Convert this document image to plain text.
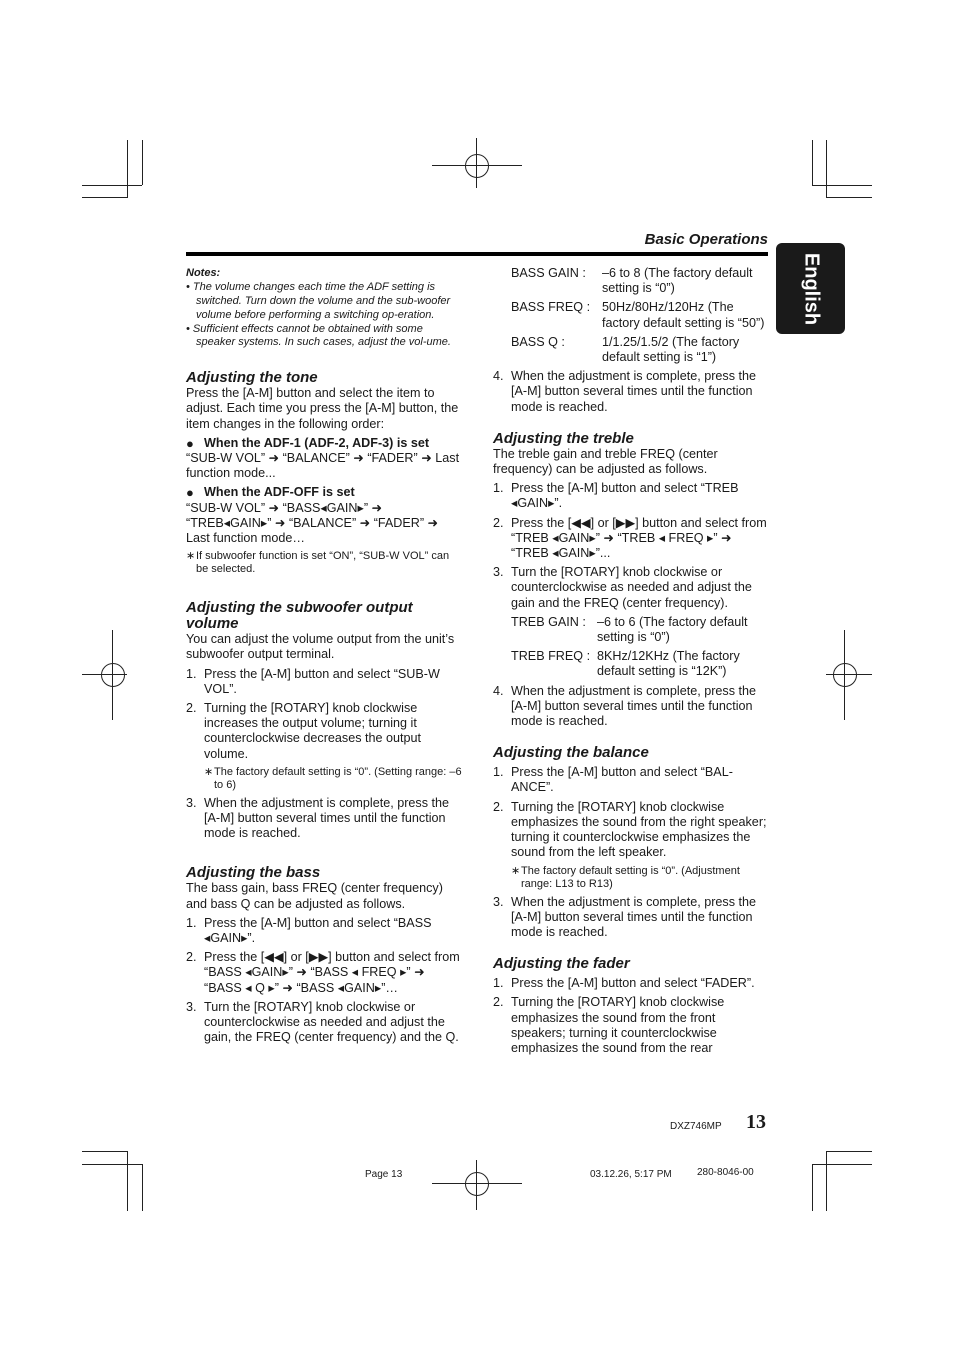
Basic Operations
English

Notes:

• The volume changes each time the ADF setting is switched. Turn down the volume and the sub-woofer volume before performing a switching op-eration.

• Sufficient effects cannot be obtained with some speaker systems. In such cases, adjust the vol-ume.

Adjusting the tone

Press the [A-M] button and select the item to adjust. Each time you press the [A-M] button, the item changes in the following order:

● When the ADF-1 (ADF-2, ADF-3) is set

“SUB-W VOL” ➜ “BALANCE” ➜ “FADER” ➜ Last function mode...

● When the ADF-OFF is set

“SUB-W VOL” ➜ “BASS◂GAIN▸” ➜ “TREB◂GAIN▸” ➜ “BALANCE” ➜ “FADER” ➜ Last function mode…

∗ If subwoofer function is set “ON”, “SUB-W VOL” can be selected.

Adjusting the subwoofer output volume

You can adjust the volume output from the unit’s subwoofer output terminal.

1. Press the [A-M] button and select “SUB-W VOL”.
2. Turning the [ROTARY] knob clockwise increases the output volume; turning it counterclockwise decreases the output volume.
∗ The factory default setting is “0”. (Setting range: –6 to 6)
3. When the adjustment is complete, press the [A-M] button several times until the function mode is reached.

Adjusting the bass

The bass gain, bass FREQ (center frequency) and bass Q can be adjusted as follows.

1. Press the [A-M] button and select “BASS ◂GAIN▸”.
2. Press the [◀◀] or [▶▶] button and select from “BASS ◂GAIN▸” ➜ “BASS ◂ FREQ ▸” ➜ “BASS ◂ Q ▸” ➜ “BASS ◂GAIN▸”…
3. Turn the [ROTARY] knob clockwise or counterclockwise as needed and adjust the gain, the FREQ (center frequency) and the Q.
BASS GAIN :	–6 to 8 (The factory default setting is “0”)
BASS FREQ : 50Hz/80Hz/120Hz (The factory default setting is “50”)
BASS Q :	1/1.25/1.5/2 (The factory default setting is “1”)
4. When the adjustment is complete, press the [A-M] button several times until the function mode is reached.

Adjusting the treble

The treble gain and treble FREQ (center frequency) can be adjusted as follows.

1. Press the [A-M] button and select “TREB ◂GAIN▸”.
2. Press the [◀◀] or [▶▶] button and select from “TREB ◂GAIN▸” ➜ “TREB ◂ FREQ ▸” ➜ “TREB ◂GAIN▸”...
3. Turn the [ROTARY] knob clockwise or counterclockwise as needed and adjust the gain and the FREQ (center frequency).
TREB GAIN : –6 to 6 (The factory default setting is “0”)
TREB FREQ : 8KHz/12KHz (The factory default setting is “12K”)
4. When the adjustment is complete, press the [A-M] button several times until the function mode is reached.

Adjusting the balance

1. Press the [A-M] button and select “BAL-ANCE”.
2. Turning the [ROTARY] knob clockwise emphasizes the sound from the right speaker; turning it counterclockwise emphasizes the sound from the left speaker.
∗ The factory default setting is “0”. (Adjustment range: L13 to R13)
3. When the adjustment is complete, press the [A-M] button several times until the function mode is reached.

Adjusting the fader

1. Press the [A-M] button and select “FADER”.
2. Turning the [ROTARY] knob clockwise emphasizes the sound from the front speakers; turning it counterclockwise emphasizes the sound from the rear
DXZ746MP 13
Page 13	03.12.26, 5:17 PM	280-8046-00
